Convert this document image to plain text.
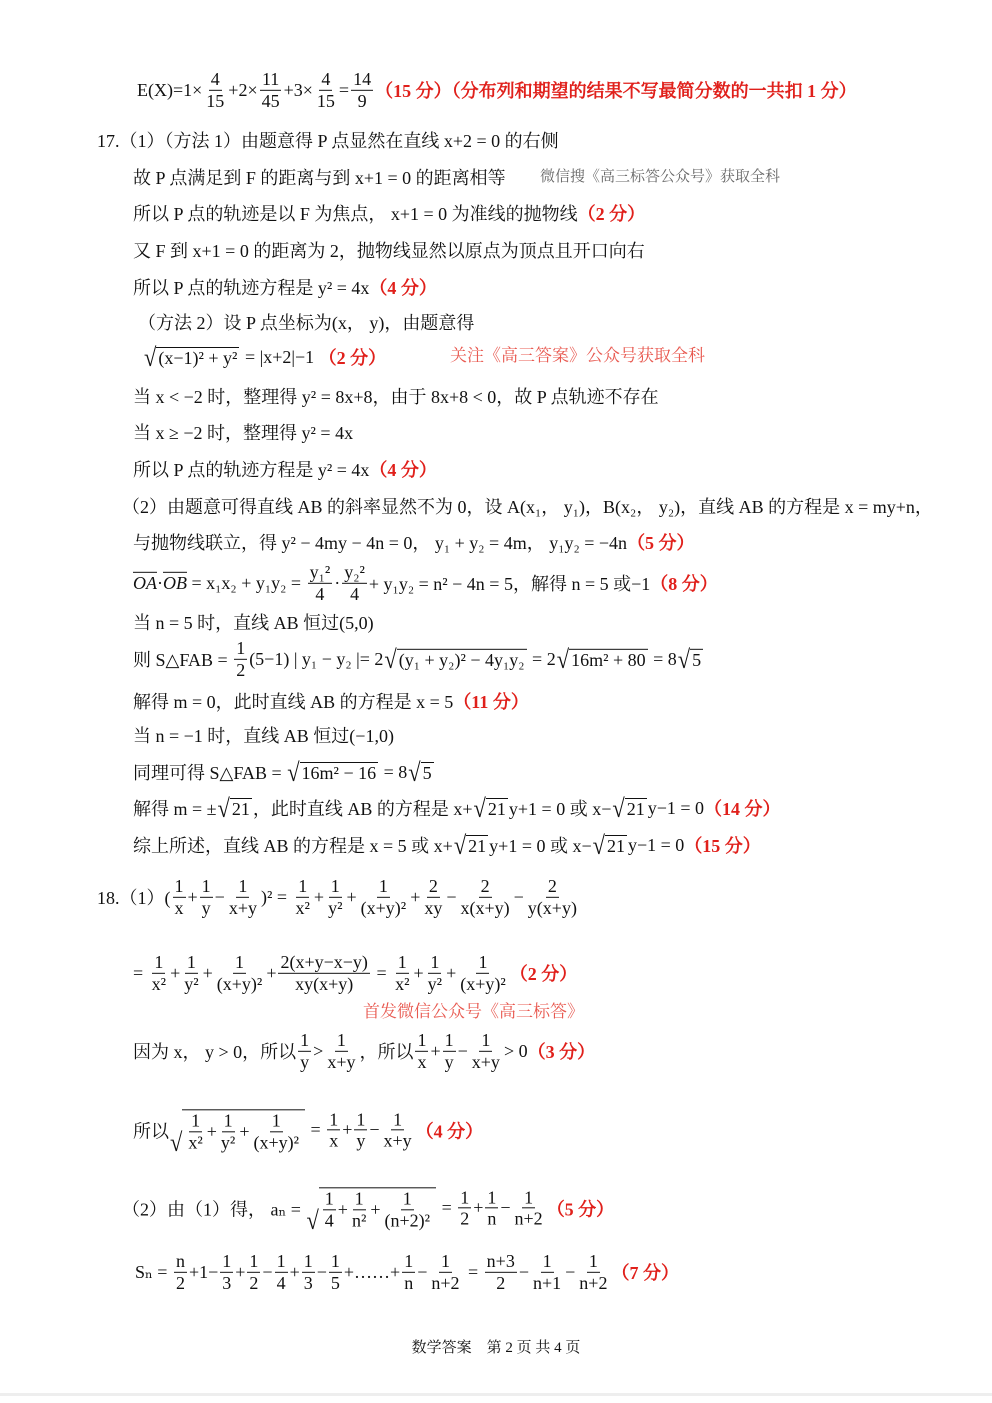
$E(X)=1\times \frac{4}{15} +2\times \frac{11}{45} +3\times \frac{4}{15} = \frac{14}{9} (15$ 分）（分布列和期望的结果不写最简分数的一共扣 1 分）
17.（1）（方法 1）由题意得 P 点显然在直线 x+2 = 0 的右侧
故 P 点满足到 F 的距离与到 x+1 = 0 的距离相等
所以 P 点的轨迹是以 F 为焦点， x+1 = 0 为准线的抛物线 （2 分）
又 F 到 x+1 = 0 的距离为 2，抛物线显然以原点为顶点且开口向右
所以 P 点的轨迹方程是 y² = 4x （4 分）
（方法 2）设 P 点坐标为(x， y)，由题意得
√ (x−1)² + y² = |x+2|−1 （2 分）
当 x < −2 时，整理得 y² = 8x+8，由于 8x+8 < 0，故 P 点轨迹不存在
当 x ≥ −2 时，整理得 y² = 4x
所以 P 点的轨迹方程是 y² = 4x （4 分）
（2）由题意可得直线 AB 的斜率显然不为 0，设 A(x₁， y₁)，B(x₂， y₂)，直线 AB 的方程是 x = my+n，
与抛物线联立，得 y² − 4my − 4n = 0， y₁ + y₂ = 4m， y₁y₂ = −4n （5 分）
$\overline{OA} \cdot \overline{OB} = x_1x_2 + y_1y_2 = \frac{\text{y₁²}}{4} \cdot \frac{\text{y₂²}}{4} + y_1y_2 = n^2 - 4n = 5$，解得 n = 5 或−1 （8 分）
当 n = 5 时，直线 AB 恒过(5,0)
则 S△FAB = $\frac{1}{2} (5-1)$ | y₁ − y₂ |= 2 √ (y₁ + y₂)² − 4y₁y₂ = 2 √ 16m² + 80 = 8 √ 5
解得 m = 0，此时直线 AB 的方程是 x = 5 （11 分）
当 n = −1 时，直线 AB 恒过(−1,0)
同理可得 S△FAB = √ 16m² − 16 = 8 √ 5
解得 m = ± √ 21 ，此时直线 AB 的方程是 x+ √ 21 y+1 = 0 或 x− √ 21 y−1 = 0 （14 分）
综上所述，直线 AB 的方程是 x = 5 或 x+ √ 21 y+1 = 0 或 x− √ 21 y−1 = 0 （15 分）
$18.(1)( \frac{1}{x} + \frac{1}{y} - \frac{1}{x+y} )^2 = \frac{1}{\text{x²}} + \frac{1}{\text{y²}} + \frac{1}{\text{(x+y)²}} + \frac{2}{xy} - \frac{2}{x(x+y)} - \frac{2}{y(x+y)}$
= $\frac{1}{\text{x²}} + \frac{1}{\text{y²}} + \frac{1}{\text{(x+y)²}} + \frac{2(x+y-x-y)}{xy(x+y)} = \frac{1}{\text{x²}} + \frac{1}{\text{y²}} + \frac{1}{\text{(x+y)²}} (2$ 分）
因为 x， y > 0，所以 $\frac{1}{y} > \frac{1}{x+y}$ ，所以 $\frac{1}{x} + \frac{1}{y} - \frac{1}{x+y} > 0$ （3 分）
所以 √ $\frac{1}{\text{x²}} + \frac{1}{\text{y²}} + \frac{1}{\text{(x+y)²}} = \frac{1}{x} + \frac{1}{y} - \frac{1}{x+y} (4$ 分）
（2）由（1）得， aₙ = √ $\frac{1}{4} + \frac{1}{\text{n²}} + \frac{1}{\text{(n+2)²}} = \frac{1}{2} + \frac{1}{n} - \frac{1}{n+2} (5$ 分）
$S_n = \frac{n}{2} +1- \frac{1}{3} + \frac{1}{2} - \frac{1}{4} + \frac{1}{3} - \frac{1}{5}$ +……+ $\frac{1}{n} - \frac{1}{n+2} = \frac{n+3}{2} - \frac{1}{n+1} - \frac{1}{n+2} (7$ 分）
微信搜《高三标答公众号》获取全科
关注《高三答案》公众号获取全科
首发微信公众号《高三标答》
数学答案　第 2 页 共 4 页
